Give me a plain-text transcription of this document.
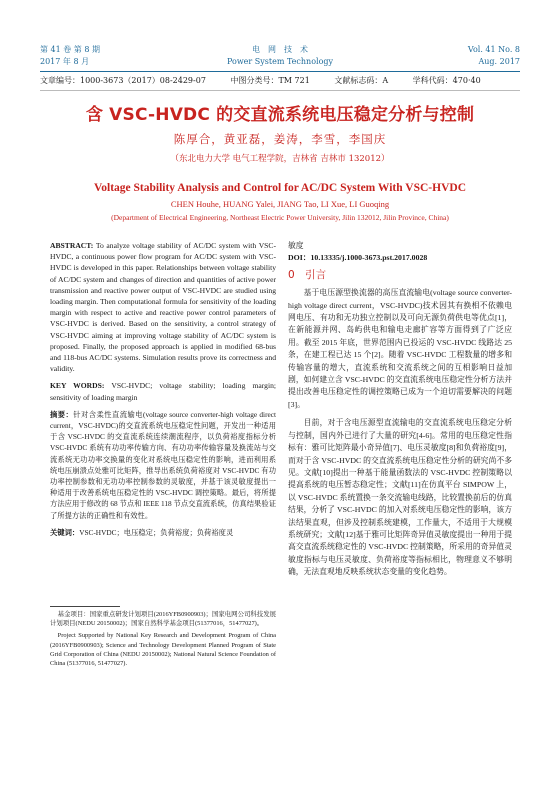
第 41 卷 第 8 期
2017 年 8 月
电　网　技　术
Power System Technology
Vol. 41 No. 8
Aug. 2017
文章编号：1000-3673（2017）08-2429-07	中图分类号：TM 721	文献标志码：A	学科代码：470·40
含 VSC-HVDC 的交直流系统电压稳定分析与控制
陈厚合，黄亚磊，姜涛，李雪，李国庆
（东北电力大学 电气工程学院，吉林省 吉林市 132012）
Voltage Stability Analysis and Control for AC/DC System With VSC-HVDC
CHEN Houhe, HUANG Yalei, JIANG Tao, LI Xue, LI Guoqing
(Department of Electrical Engineering, Northeast Electric Power University, Jilin 132012, Jilin Province, China)
ABSTRACT: To analyze voltage stability of AC/DC system with VSC-HVDC, a continuous power flow program for AC/DC system with VSC-HVDC is developed in this paper. Relationships between voltage stability of AC/DC system and changes of direction and quantities of active power transmission and reactive power output of VSC-HVDC are studied using loading margin. Then computational formula for sensitivity of the loading margin with respect to active and reactive power control parameters of VSC-HVDC is derived. Based on the sensitivity, a control strategy of VSC-HVDC aiming at improving voltage stability of AC/DC system is proposed. Finally, the proposed approach is applied in modified 68-bus and 118-bus AC/DC systems. Simulation results prove its correctness and validity.
KEY WORDS: VSC-HVDC; voltage stability; loading margin; sensitivity of loading margin
摘要：针对含柔性直流输电(voltage source converter-high voltage direct current，VSC-HVDC)的交直流系统电压稳定性问题，开发出一种适用于含 VSC-HVDC 的交直流系统连续潮流程序，以负荷裕度指标分析 VSC-HVDC 系统有功功率传输方向、有功功率传输容量及换流站与交流系统无功功率交换量的变化对系统电压稳定性的影响，进而利用系统电压崩溃点处雅可比矩阵，推导出系统负荷裕度对 VSC-HVDC 有功功率控制参数和无功功率控制参数的灵敏度，并基于该灵敏度提出一种适用于改善系统电压稳定性的 VSC-HVDC 调控策略。最后，将所提方法应用于修改的 68 节点和 IEEE 118 节点交直流系统，仿真结果验证了所提方法的正确性和有效性。
关键词：VSC-HVDC；电压稳定；负荷裕度；负荷裕度灵

基金项目：国家重点研发计划项目(2016YFB0900903)；国家电网公司科技发展计划项目(NEDU 20150002)；国家自然科学基金项目(51377016，51477027)。

Project Supported by National Key Research and Development Program of China (2016YFB0900903); Science and Technology Development Planned Program of State Grid Corporation of China (NEDU 20150002); National Natural Science Foundation of China (51377016, 51477027).

敏度
DOI：10.13335/j.1000-3673.pst.2017.0028
0　引言
基于电压源型换流器的高压直流输电(voltage source converter-high voltage direct current，VSC-HVDC)技术因其有换相不依赖电网电压、有功和无功独立控制以及可向无源负荷供电等优点[1]，在新能源并网、岛屿供电和输电走廊扩容等方面得到了广泛应用。截至 2015 年底，世界范围内已投运的 VSC-HVDC 线路达 25 条，在建工程已达 15 个[2]。随着 VSC-HVDC 工程数量的增多和传输容量的增大，直流系统和交流系统之间的互相影响日益加剧，如何建立含 VSC-HVDC 的交直流系统电压稳定性分析方法并提出改善电压稳定性的调控策略已成为一个迫切需要解决的问题[3]。
目前，对于含电压源型直流输电的交直流系统电压稳定分析与控制，国内外已进行了大量的研究[4-6]。常用的电压稳定性指标有：雅可比矩阵最小奇异值[7]、电压灵敏度[8]和负荷裕度[9]，而对于含 VSC-HVDC 的交直流系统电压稳定性分析的研究尚不多见。文献[10]提出一种基于能量函数法的 VSC-HVDC 控制策略以提高系统的电压暂态稳定性；文献[11]在仿真平台 SIMPOW 上，以 VSC-HVDC 系统置换一条交流输电线路，比较置换前后的仿真结果，分析了 VSC-HVDC 的加入对系统电压稳定性的影响，该方法结果直观，但涉及控制系统建模，工作量大，不适用于大规模系统研究；文献[12]基于雅可比矩阵奇异值灵敏度提出一种用于提高交直流系统稳定性的 VSC-HVDC 控制策略，所采用的奇异值灵敏度指标与电压灵敏度、负荷裕度等指标相比，物理意义不够明确，无法直观地反映系统状态变量的变化趋势。
